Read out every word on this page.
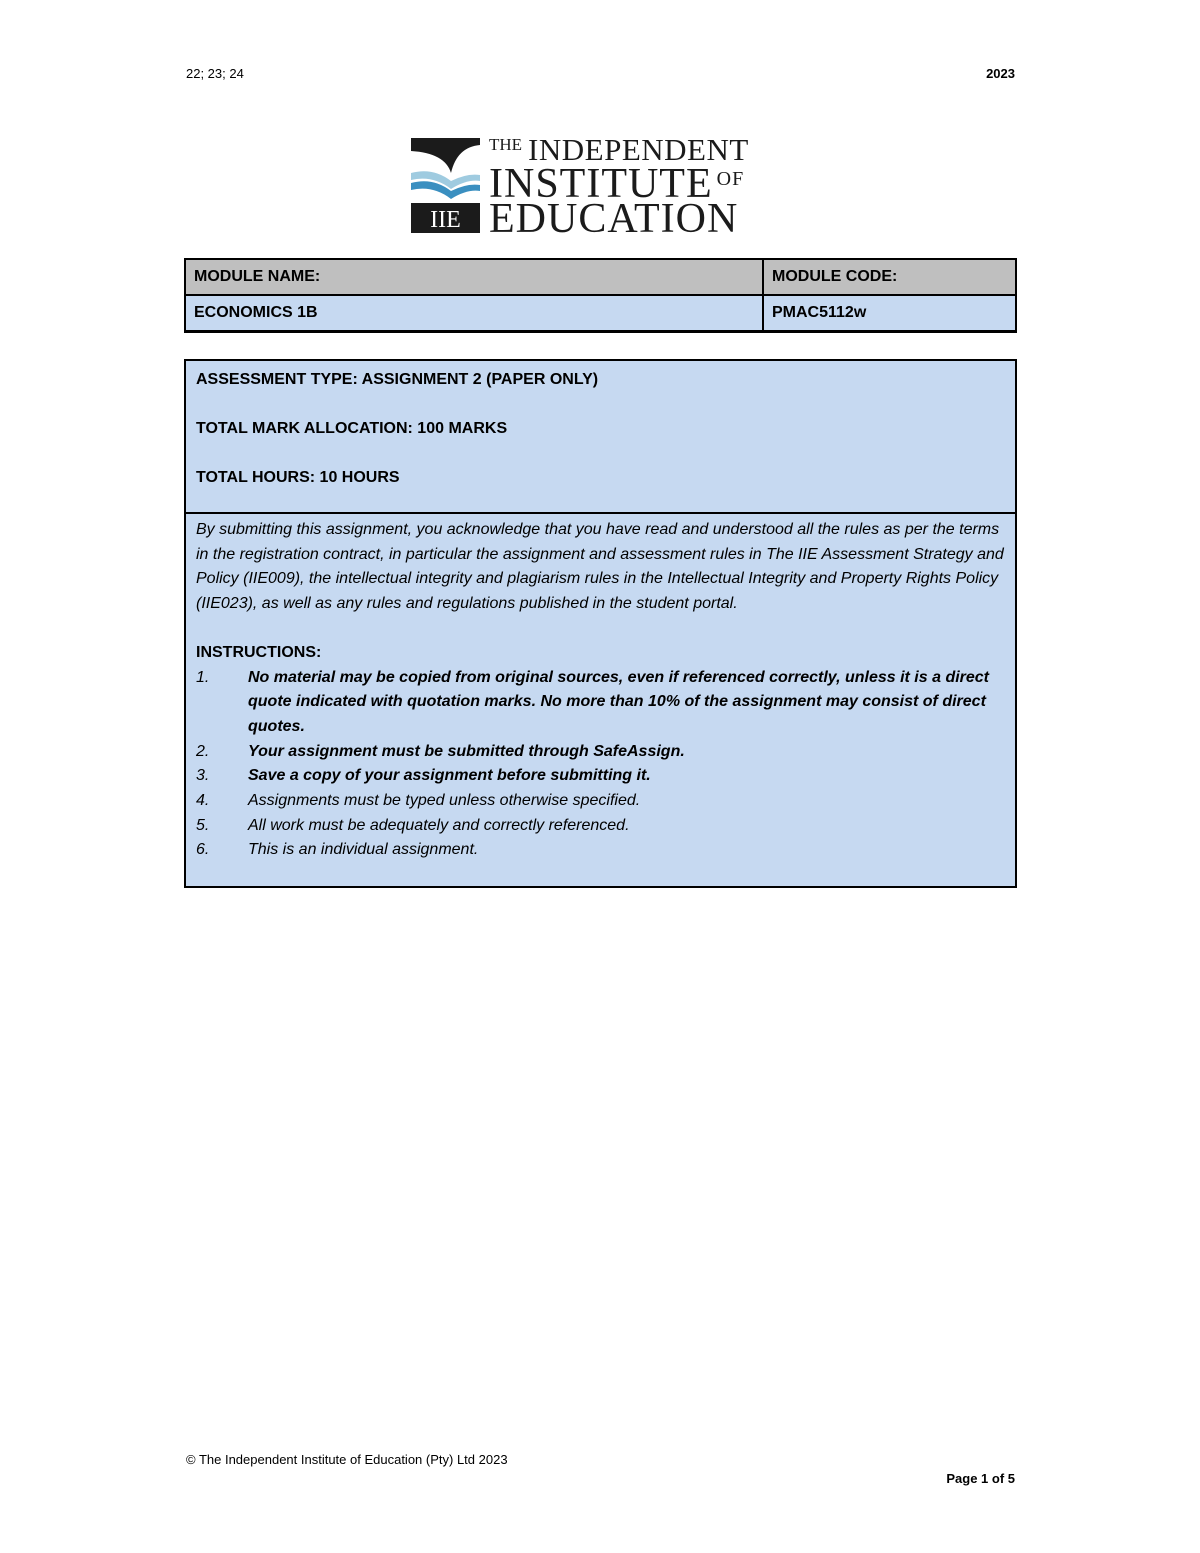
22; 23; 24	2023
IIE
$^{THE}$ INDEPENDENT
INSTITUTE $^{OF}$
EDUCATION
MODULE NAME:	MODULE CODE:
ECONOMICS 1B	PMAC5112w
ASSESSMENT TYPE: ASSIGNMENT 2 (PAPER ONLY)
TOTAL MARK ALLOCATION: 100 MARKS
TOTAL HOURS: 10 HOURS
By submitting this assignment, you acknowledge that you have read and understood all the rules as per the terms in the registration contract, in particular the assignment and assessment rules in The IIE Assessment Strategy and Policy (IIE009), the intellectual integrity and plagiarism rules in the Intellectual Integrity and Property Rights Policy (IIE023), as well as any rules and regulations published in the student portal.
INSTRUCTIONS:
1. No material may be copied from original sources, even if referenced correctly, unless it is a direct quote indicated with quotation marks. No more than 10% of the assignment may consist of direct quotes.
2. Your assignment must be submitted through SafeAssign.
3. Save a copy of your assignment before submitting it.
4. Assignments must be typed unless otherwise specified.
5. All work must be adequately and correctly referenced.
6. This is an individual assignment.
© The Independent Institute of Education (Pty) Ltd 2023
Page 1 of 5
